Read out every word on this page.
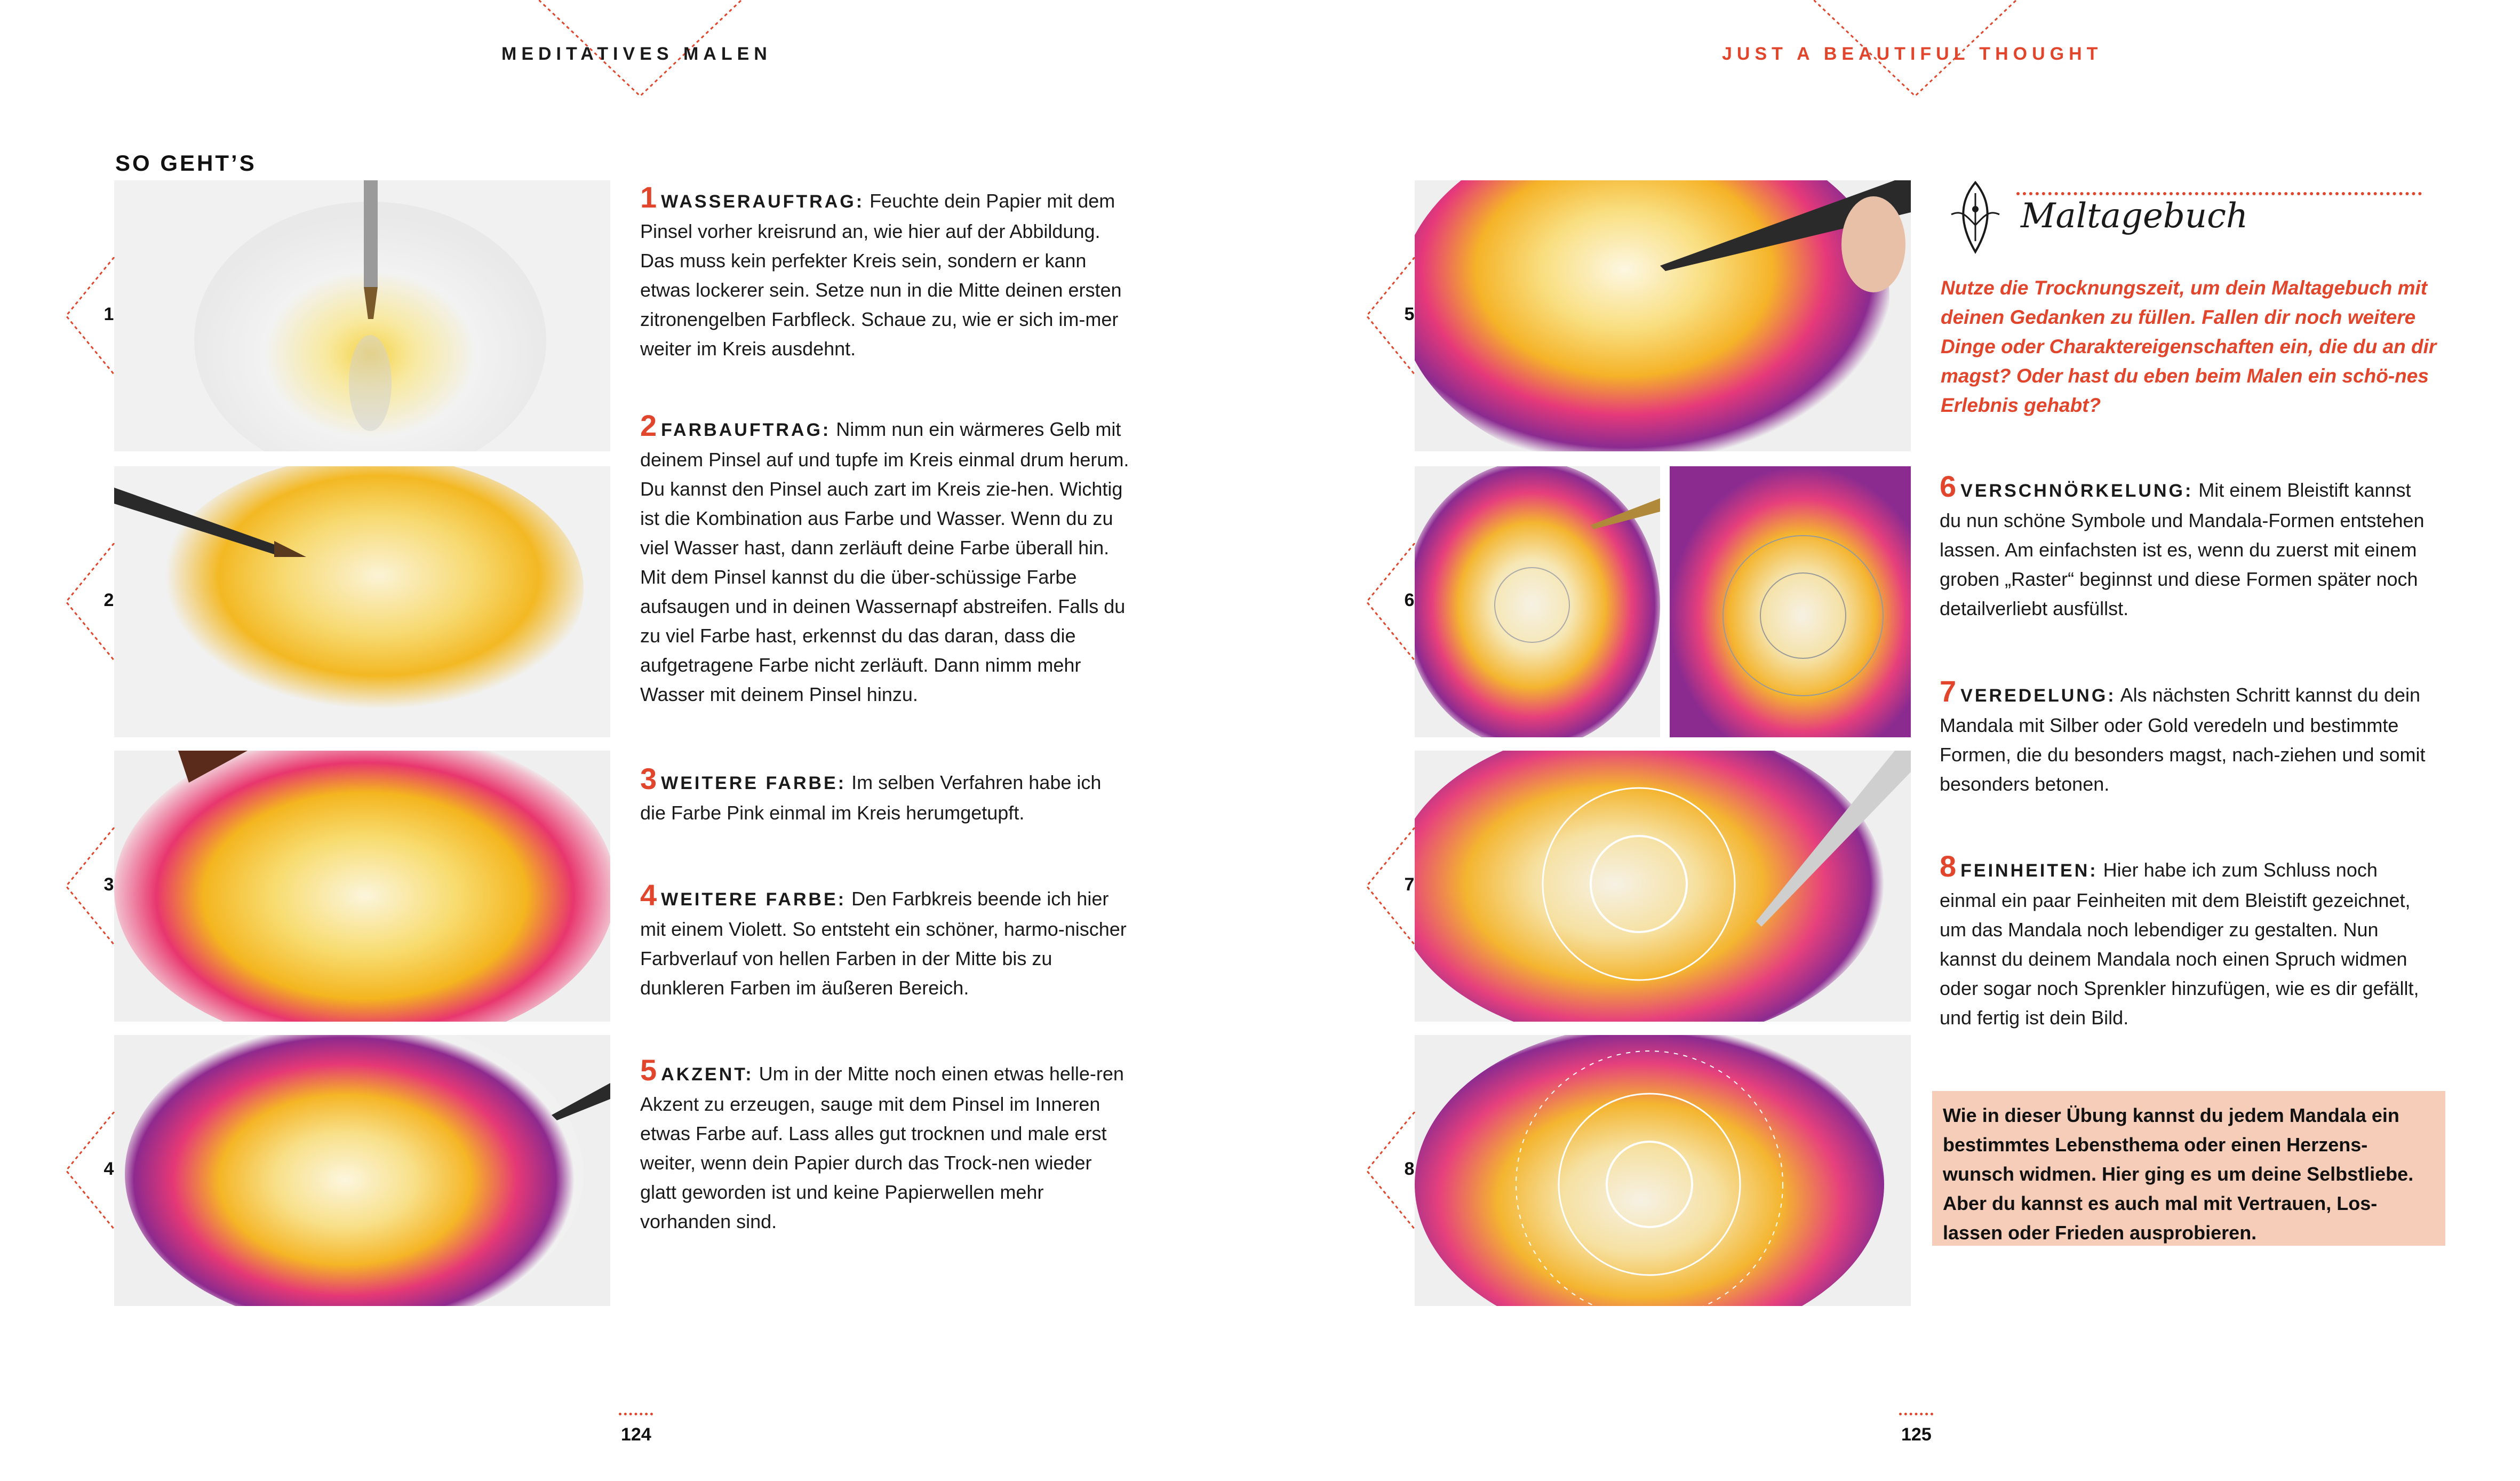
MEDITATIVES MALEN	JUST A BEAUTIFUL THOUGHT
SO GEHT’S
1
2
3
4
5
6
7
8
1 WASSERAUFTRAG: Feuchte dein Papier mit dem Pinsel vorher kreisrund an, wie hier auf der Abbildung. Das muss kein perfekter Kreis sein, sondern er kann etwas lockerer sein. Setze nun in die Mitte deinen ersten zitronengelben Farbfleck. Schaue zu, wie er sich im-mer weiter im Kreis ausdehnt.
2 FARBAUFTRAG: Nimm nun ein wärmeres Gelb mit deinem Pinsel auf und tupfe im Kreis einmal drum herum. Du kannst den Pinsel auch zart im Kreis zie-hen. Wichtig ist die Kombination aus Farbe und Wasser. Wenn du zu viel Wasser hast, dann zerläuft deine Farbe überall hin. Mit dem Pinsel kannst du die über-schüssige Farbe aufsaugen und in deinen Wassernapf abstreifen. Falls du zu viel Farbe hast, erkennst du das daran, dass die aufgetragene Farbe nicht zerläuft. Dann nimm mehr Wasser mit deinem Pinsel hinzu.
3 WEITERE FARBE: Im selben Verfahren habe ich die Farbe Pink einmal im Kreis herumgetupft.
4 WEITERE FARBE: Den Farbkreis beende ich hier mit einem Violett. So entsteht ein schöner, harmo-nischer Farbverlauf von hellen Farben in der Mitte bis zu dunkleren Farben im äußeren Bereich.
5 AKZENT: Um in der Mitte noch einen etwas helle-ren Akzent zu erzeugen, sauge mit dem Pinsel im Inneren etwas Farbe auf. Lass alles gut trocknen und male erst weiter, wenn dein Papier durch das Trock-nen wieder glatt geworden ist und keine Papierwellen mehr vorhanden sind.
Maltagebuch
Nutze die Trocknungszeit, um dein Maltagebuch mit deinen Gedanken zu füllen. Fallen dir noch weitere Dinge oder Charaktereigenschaften ein, die du an dir magst? Oder hast du eben beim Malen ein schö-nes Erlebnis gehabt?
6 VERSCHNÖRKELUNG: Mit einem Bleistift kannst du nun schöne Symbole und Mandala-Formen entstehen lassen. Am einfachsten ist es, wenn du zuerst mit einem groben „Raster“ beginnst und diese Formen später noch detailverliebt ausfüllst.
7 VEREDELUNG: Als nächsten Schritt kannst du dein Mandala mit Silber oder Gold veredeln und bestimmte Formen, die du besonders magst, nach-ziehen und somit besonders betonen.
8 FEINHEITEN: Hier habe ich zum Schluss noch einmal ein paar Feinheiten mit dem Bleistift gezeichnet, um das Mandala noch lebendiger zu gestalten. Nun kannst du deinem Mandala noch einen Spruch widmen oder sogar noch Sprenkler hinzufügen, wie es dir gefällt, und fertig ist dein Bild.
Wie in dieser Übung kannst du jedem Mandala ein bestimmtes Lebensthema oder einen Herzens-wunsch widmen. Hier ging es um deine Selbstliebe. Aber du kannst es auch mal mit Vertrauen, Los-lassen oder Frieden ausprobieren.
124	125
